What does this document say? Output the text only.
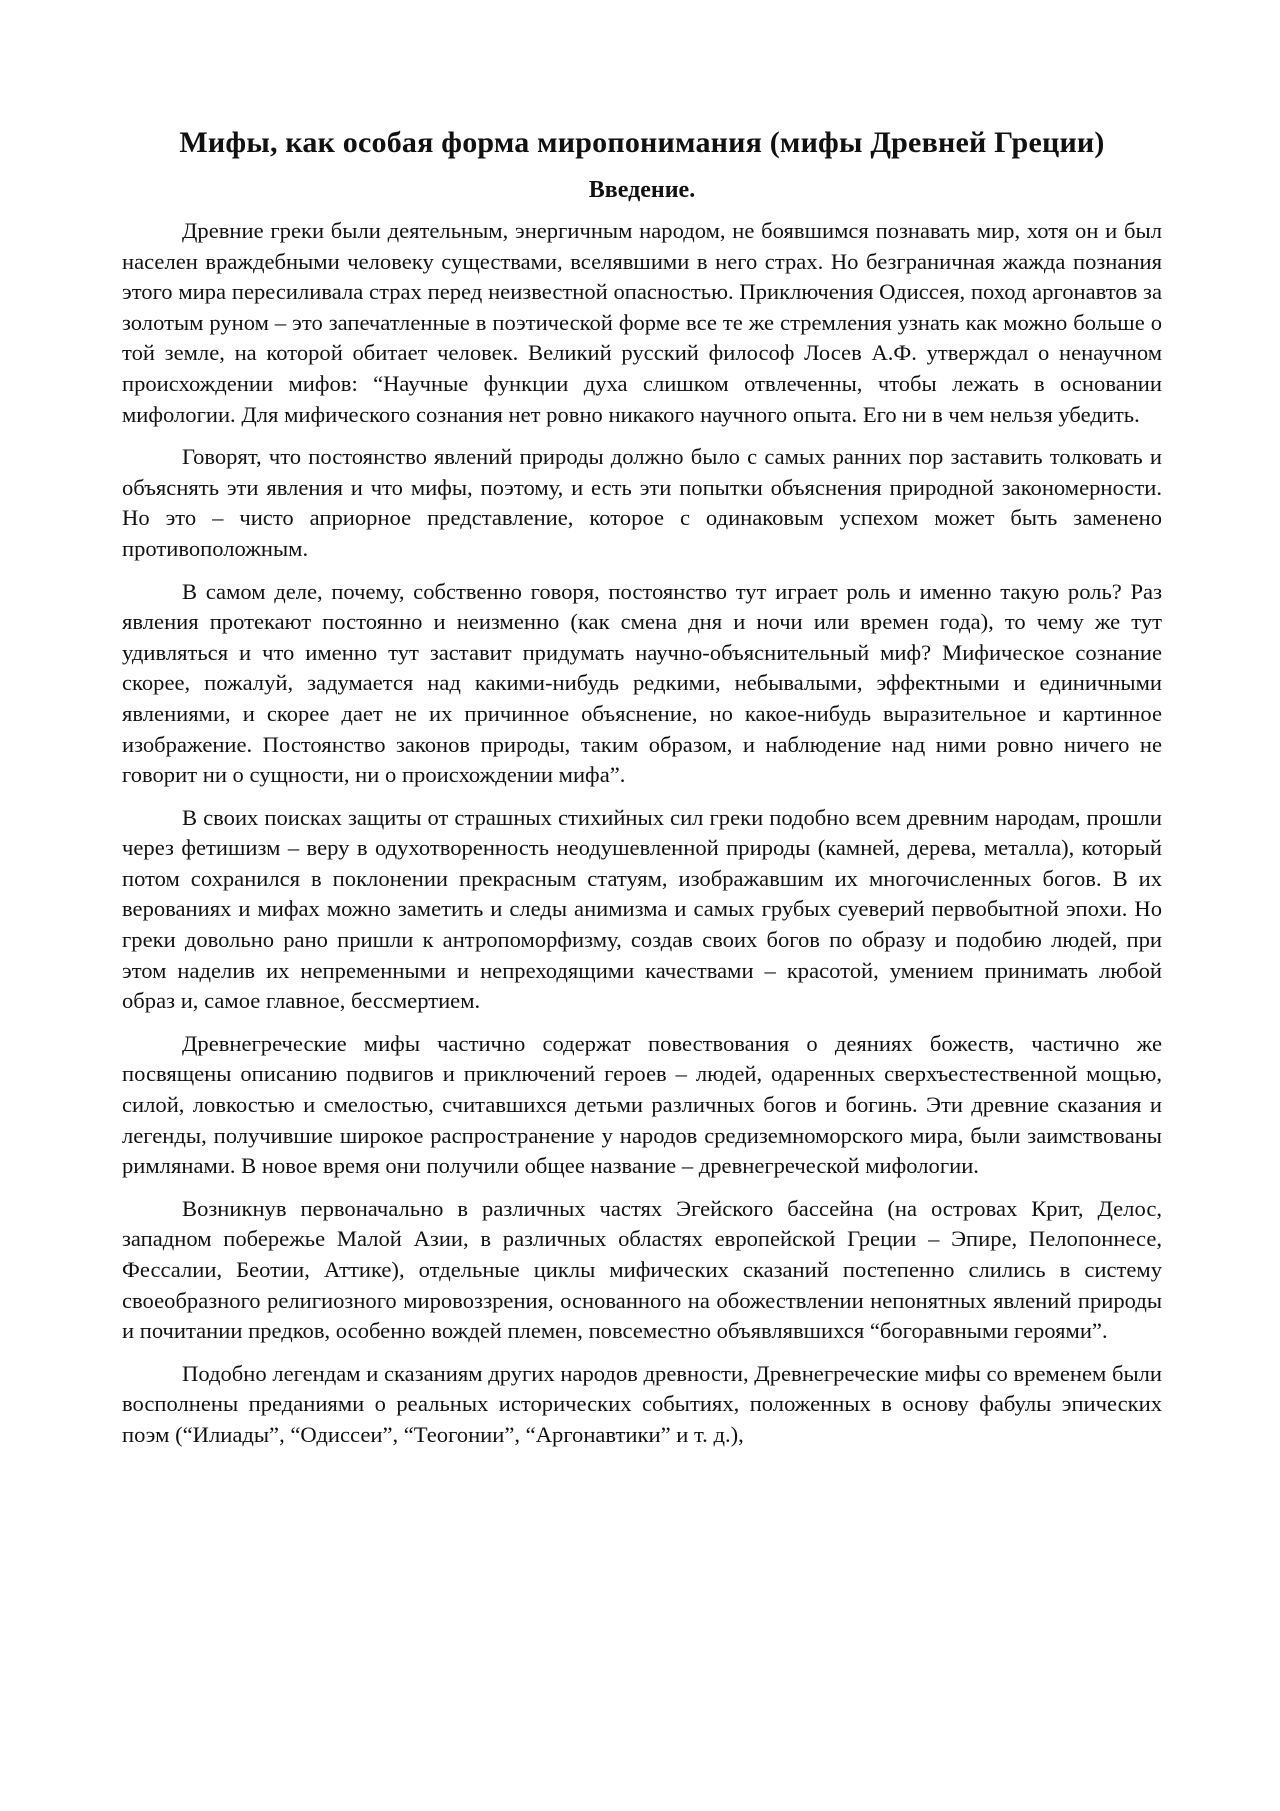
Мифы, как особая форма миропонимания (мифы Древней Греции)
Введение.

Древние греки были деятельным, энергичным народом, не боявшимся познавать мир, хотя он и был населен враждебными человеку существами, вселявшими в него страх. Но безграничная жажда познания этого мира пересиливала страх перед неизвестной опасностью. Приключения Одиссея, поход аргонавтов за золотым руном – это запечатленные в поэтической форме все те же стремления узнать как можно больше о той земле, на которой обитает человек. Великий русский философ Лосев А.Ф. утверждал о ненаучном происхождении мифов: “Научные функции духа слишком отвлеченны, чтобы лежать в основании мифологии. Для мифического сознания нет ровно никакого научного опыта. Его ни в чем нельзя убедить.

Говорят, что постоянство явлений природы должно было с самых ранних пор заставить толковать и объяснять эти явления и что мифы, поэтому, и есть эти попытки объяснения природной закономерности. Но это – чисто априорное представление, которое с одинаковым успехом может быть заменено противоположным.

В самом деле, почему, собственно говоря, постоянство тут играет роль и именно такую роль? Раз явления протекают постоянно и неизменно (как смена дня и ночи или времен года), то чему же тут удивляться и что именно тут заставит придумать научно-объяснительный миф? Мифическое сознание скорее, пожалуй, задумается над какими-нибудь редкими, небывалыми, эффектными и единичными явлениями, и скорее дает не их причинное объяснение, но какое-нибудь выразительное и картинное изображение. Постоянство законов природы, таким образом, и наблюдение над ними ровно ничего не говорит ни о сущности, ни о происхождении мифа”.

В своих поисках защиты от страшных стихийных сил греки подобно всем древним народам, прошли через фетишизм – веру в одухотворенность неодушевленной природы (камней, дерева, металла), который потом сохранился в поклонении прекрасным статуям, изображавшим их многочисленных богов. В их верованиях и мифах можно заметить и следы анимизма и самых грубых суеверий первобытной эпохи. Но греки довольно рано пришли к антропоморфизму, создав своих богов по образу и подобию людей, при этом наделив их непременными и непреходящими качествами – красотой, умением принимать любой образ и, самое главное, бессмертием.

Древнегреческие мифы частично содержат повествования о деяниях божеств, частично же посвящены описанию подвигов и приключений героев – людей, одаренных сверхъестественной мощью, силой, ловкостью и смелостью, считавшихся детьми различных богов и богинь. Эти древние сказания и легенды, получившие широкое распространение у народов средиземноморского мира, были заимствованы римлянами. В новое время они получили общее название – древнегреческой мифологии.

Возникнув первоначально в различных частях Эгейского бассейна (на островах Крит, Делос, западном побережье Малой Азии, в различных областях европейской Греции – Эпире, Пелопоннесе, Фессалии, Беотии, Аттике), отдельные циклы мифических сказаний постепенно слились в систему своеобразного религиозного мировоззрения, основанного на обожествлении непонятных явлений природы и почитании предков, особенно вождей племен, повсеместно объявлявшихся “богоравными героями”.

Подобно легендам и сказаниям других народов древности, Древнегреческие мифы со временем были восполнены преданиями о реальных исторических событиях, положенных в основу фабулы эпических поэм (“Илиады”, “Одиссеи”, “Теогонии”, “Аргонавтики” и т. д.),
